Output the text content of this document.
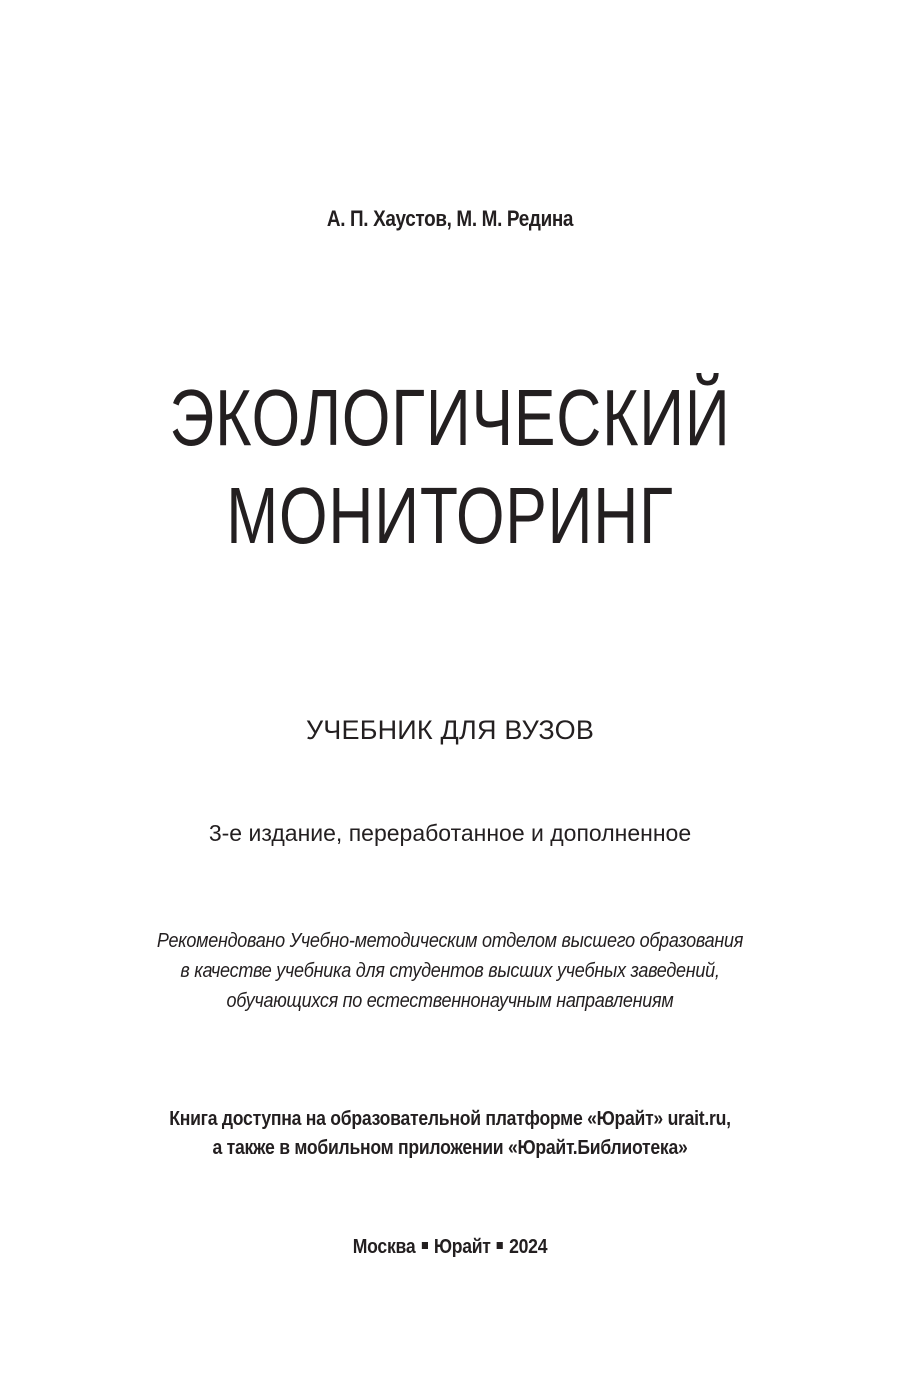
А. П. Хаустов, М. М. Редина
ЭКОЛОГИЧЕСКИЙ
МОНИТОРИНГ
УЧЕБНИК ДЛЯ ВУЗОВ
3-е издание, переработанное и дополненное
Рекомендовано Учебно-методическим отделом высшего образования
в качестве учебника для студентов высших учебных заведений,
обучающихся по естественнонаучным направлениям
Книга доступна на образовательной платформе «Юрайт» urait.ru,
а также в мобильном приложении «Юрайт.Библиотека»
Москва Юрайт 2024
